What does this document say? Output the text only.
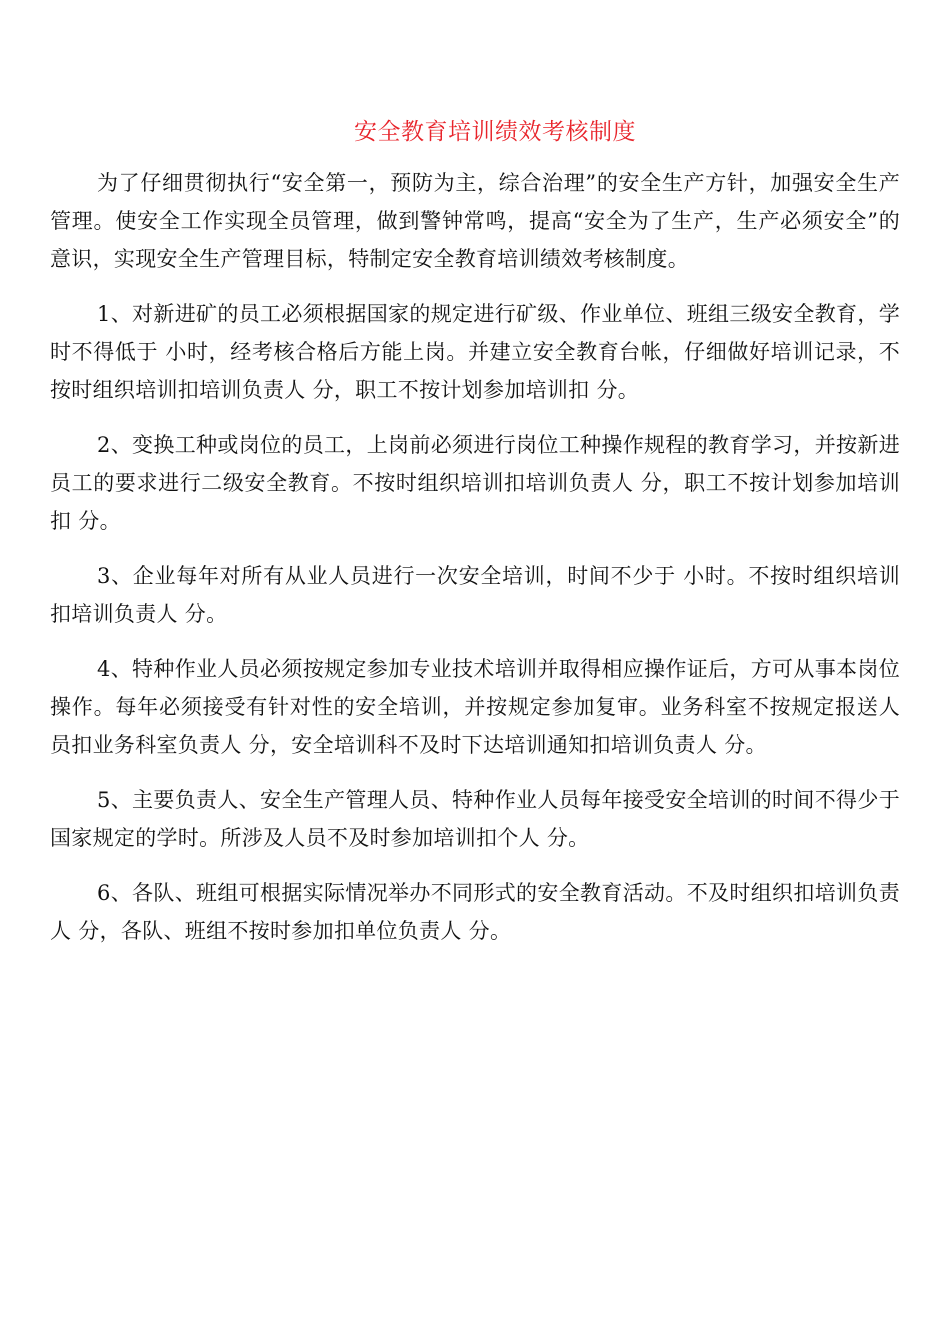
安全教育培训绩效考核制度

为了仔细贯彻执行“安全第一，预防为主，综合治理”的安全生产方针，加强安全生产管理。使安全工作实现全员管理，做到警钟常鸣，提高“安全为了生产，生产必须安全”的意识，实现安全生产管理目标，特制定安全教育培训绩效考核制度。

1、对新进矿的员工必须根据国家的规定进行矿级、作业单位、班组三级安全教育，学时不得低于 小时，经考核合格后方能上岗。并建立安全教育台帐，仔细做好培训记录，不按时组织培训扣培训负责人 分，职工不按计划参加培训扣 分。

2、变换工种或岗位的员工，上岗前必须进行岗位工种操作规程的教育学习，并按新进员工的要求进行二级安全教育。不按时组织培训扣培训负责人 分，职工不按计划参加培训扣 分。

3、企业每年对所有从业人员进行一次安全培训，时间不少于 小时。不按时组织培训扣培训负责人 分。

4、特种作业人员必须按规定参加专业技术培训并取得相应操作证后，方可从事本岗位操作。每年必须接受有针对性的安全培训，并按规定参加复审。业务科室不按规定报送人员扣业务科室负责人 分，安全培训科不及时下达培训通知扣培训负责人 分。

5、主要负责人、安全生产管理人员、特种作业人员每年接受安全培训的时间不得少于国家规定的学时。所涉及人员不及时参加培训扣个人 分。

6、各队、班组可根据实际情况举办不同形式的安全教育活动。不及时组织扣培训负责人 分，各队、班组不按时参加扣单位负责人 分。
